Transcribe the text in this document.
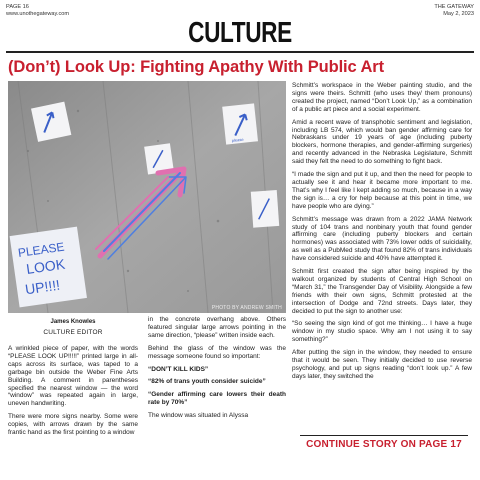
PAGE 16
www.unothegateway.com
THE GATEWAY
May 2, 2023
CULTURE
(Don’t) Look Up: Fighting Apathy With Public Art
please
PLEASE
LOOK
UP!!!!
PHOTO BY ANDREW SMITH
James Knowles
CULTURE EDITOR

A wrinkled piece of paper, with the words “PLEASE LOOK UP!!!!!” printed large in all-caps across its surface, was taped to a garbage bin outside the Weber Fine Arts Building. A comment in parentheses specified the nearest window — the word “window” was repeated again in large, uneven handwriting.

There were more signs nearby. Some were copies, with arrows drawn by the same frantic hand as the first pointing to a window

in the concrete overhang above. Others featured singular large arrows pointing in the same direction, “please” written inside each.

Behind the glass of the window was the message someone found so important:

“DON’T KILL KIDS”

“82% of trans youth consider suicide”

“Gender affirming care lowers their death rate by 70%”

The window was situated in Alyssa

Schmitt’s workspace in the Weber painting studio, and the signs were theirs. Schmitt (who uses they/ them pronouns) created the project, named “Don’t Look Up,” as a combination of a public art piece and a social experiment.

Amid a recent wave of transphobic sentiment and legislation, including LB 574, which would ban gender affirming care for Nebraskans under 19 years of age (including puberty blockers, hormone therapies, and gender-affirming surgeries) and recently advanced in the Nebraska Legislature, Schmitt said they felt the need to do something to fight back.

“I made the sign and put it up, and then the need for people to actually see it and hear it became more important to me. That’s why I feel like I kept adding so much, because in a way the sign is… a cry for help because at this point in time, we have people who are dying.”

Schmitt’s message was drawn from a 2022 JAMA Network study of 104 trans and nonbinary youth that found gender affirming care (including puberty blockers and certain hormones) was associated with 73% lower odds of suicidality, as well as a PubMed study that found 82% of trans individuals have considered suicide and 40% have attempted it.

Schmitt first created the sign after being inspired by the walkout organized by students of Central High School on “March 31,” the Transgender Day of Visibility. Alongside a few friends with their own signs, Schmitt protested at the intersection of Dodge and 72nd streets. Days later, they decided to put the sign to another use:

“So seeing the sign kind of got me thinking… I have a huge window in my studio space. Why am I not using it to say something?”

After putting the sign in the window, they needed to ensure that it would be seen. They initially decided to use reverse psychology, and put up signs reading “don’t look up.” A few days later, they switched the

CONTINUE STORY ON PAGE 17
